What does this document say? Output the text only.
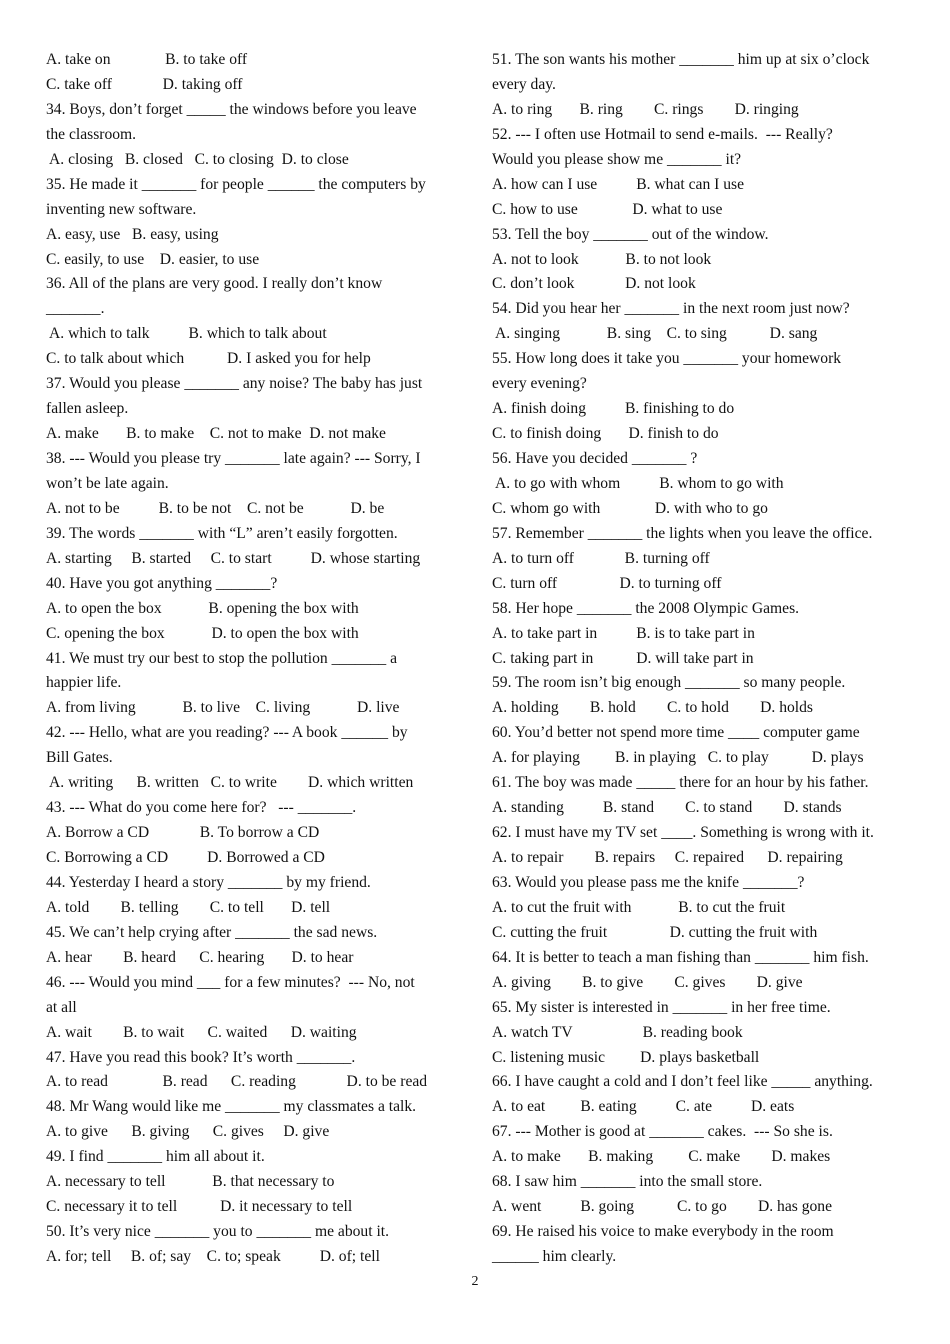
A. take on              B. to take off
C. take off             D. taking off
34. Boys, don’t forget _____ the windows before you leave
the classroom.
A. closing   B. closed   C. to closing  D. to close
35. He made it _______ for people ______ the computers by
inventing new software.
A. easy, use   B. easy, using
C. easily, to use    D. easier, to use
36. All of the plans are very good. I really don’t know
_______.
A. which to talk          B. which to talk about
C. to talk about which           D. I asked you for help
37. Would you please _______ any noise? The baby has just
fallen asleep.
A. make       B. to make    C. not to make  D. not make
38. --- Would you please try _______ late again? --- Sorry, I
won’t be late again.
A. not to be          B. to be not    C. not be            D. be
39. The words _______ with “L” aren’t easily forgotten.
A. starting     B. started     C. to start          D. whose starting
40. Have you got anything _______?
A. to open the box            B. opening the box with
C. opening the box            D. to open the box with
41. We must try our best to stop the pollution _______ a
happier life.
A. from living            B. to live    C. living            D. live
42. --- Hello, what are you reading? --- A book ______ by
Bill Gates.
A. writing      B. written   C. to write        D. which written
43. --- What do you come here for?   --- _______.
A. Borrow a CD             B. To borrow a CD
C. Borrowing a CD          D. Borrowed a CD
44. Yesterday I heard a story _______ by my friend.
A. told        B. telling        C. to tell       D. tell
45. We can’t help crying after _______ the sad news.
A. hear        B. heard      C. hearing       D. to hear
46. --- Would you mind ___ for a few minutes?  --- No, not
at all
A. wait        B. to wait      C. waited      D. waiting
47. Have you read this book? It’s worth _______.
A. to read              B. read      C. reading             D. to be read
48. Mr Wang would like me _______ my classmates a talk.
A. to give      B. giving      C. gives     D. give
49. I find _______ him all about it.
A. necessary to tell            B. that necessary to
C. necessary it to tell           D. it necessary to tell
50. It’s very nice _______ you to _______ me about it.
A. for; tell     B. of; say    C. to; speak          D. of; tell
51. The son wants his mother _______ him up at six o’clock
every day.
A. to ring       B. ring        C. rings        D. ringing
52. --- I often use Hotmail to send e-mails.  --- Really?
Would you please show me _______ it?
A. how can I use          B. what can I use
C. how to use              D. what to use
53. Tell the boy _______ out of the window.
A. not to look            B. to not look
C. don’t look             D. not look
54. Did you hear her _______ in the next room just now?
A. singing            B. sing    C. to sing           D. sang
55. How long does it take you _______ your homework
every evening?
A. finish doing          B. finishing to do
C. to finish doing       D. finish to do
56. Have you decided _______ ?
A. to go with whom          B. whom to go with
C. whom go with              D. with who to go
57. Remember _______ the lights when you leave the office.
A. to turn off             B. turning off
C. turn off                D. to turning off
58. Her hope _______ the 2008 Olympic Games.
A. to take part in          B. is to take part in
C. taking part in           D. will take part in
59. The room isn’t big enough _______ so many people.
A. holding        B. hold        C. to hold        D. holds
60. You’d better not spend more time ____ computer game
A. for playing         B. in playing   C. to play           D. plays
61. The boy was made _____ there for an hour by his father.
A. standing          B. stand        C. to stand        D. stands
62. I must have my TV set ____. Something is wrong with it.
A. to repair        B. repairs     C. repaired      D. repairing
63. Would you please pass me the knife _______?
A. to cut the fruit with            B. to cut the fruit
C. cutting the fruit                D. cutting the fruit with
64. It is better to teach a man fishing than _______ him fish.
A. giving        B. to give        C. gives        D. give
65. My sister is interested in _______ in her free time.
A. watch TV                  B. reading book
C. listening music         D. plays basketball
66. I have caught a cold and I don’t feel like _____ anything.
A. to eat         B. eating          C. ate          D. eats
67. --- Mother is good at _______ cakes.  --- So she is.
A. to make       B. making         C. make        D. makes
68. I saw him _______ into the small store.
A. went          B. going           C. to go        D. has gone
69. He raised his voice to make everybody in the room
______ him clearly.
2
